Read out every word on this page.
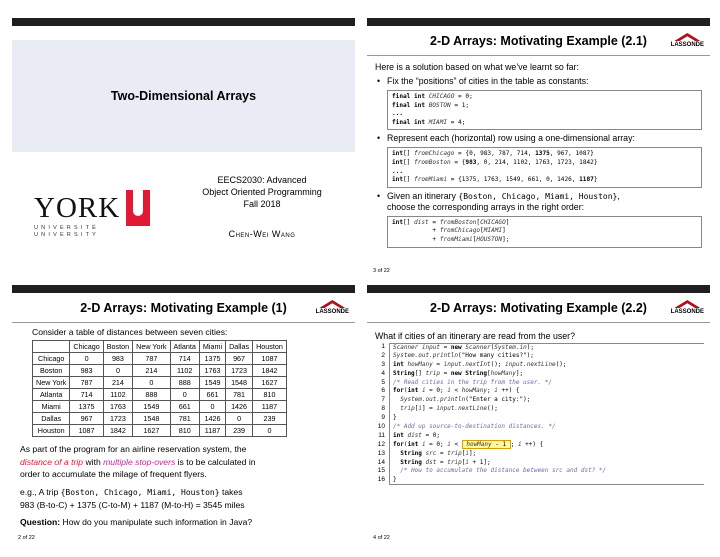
Two-Dimensional Arrays
YORK
UNIVERSITÉ
UNIVERSITY
EECS2030: Advanced
Object Oriented Programming
Fall 2018
Chen-Wei Wang
2-D Arrays: Motivating Example (2.1)	LASSONDE
Here is a solution based on what we’ve learnt so far:
• Fix the “positions” of cities in the table as constants:
final int CHICAGO = 0;
final int BOSTON = 1;
...
final int MIAMI = 4;
• Represent each (horizontal) row using a one-dimensional array:
int[] fromChicago = {0, 983, 787, 714, 1375, 967, 1087}
int[] fromBoston = {983, 0, 214, 1102, 1763, 1723, 1842}
...
int[] fromMiami = {1375, 1763, 1549, 661, 0, 1426, 1187}
• Given an itinerary {Boston, Chicago, Miami, Houston},
choose the corresponding arrays in the right order:
int[] dist = fromBoston[CHICAGO]
+ fromChicago[MIAMI]
+ fromMiami[HOUSTON];
3 of 22
2-D Arrays: Motivating Example (1)	LASSONDE
Consider a table of distances between seven cities:
	Chicago	Boston	New York	Atlanta	Miami	Dallas	Houston
Chicago	0	983	787	714	1375	967	1087
Boston	983	0	214	1102	1763	1723	1842
New York	787	214	0	888	1549	1548	1627
Atlanta	714	1102	888	0	661	781	810
Miami	1375	1763	1549	661	0	1426	1187
Dallas	967	1723	1548	781	1426	0	239
Houston	1087	1842	1627	810	1187	239	0
As part of the program for an airline reservation system, the
distance of a trip with multiple stop-overs is to be calculated in
order to accumulate the milage of frequent flyers.
e.g., A trip {Boston, Chicago, Miami, Houston} takes
983 (B-to-C) + 1375 (C-to-M) + 1187 (M-to-H) = 3545 miles
Question: How do you manipulate such information in Java?
2 of 22
2-D Arrays: Motivating Example (2.2)	LASSONDE
What if cities of an itinerary are read from the user?
1	Scanner input = new Scanner(System.in);
2	System.out.println("How many cities?");
3	int howMany = input.nextInt(); input.nextLine();
4	String[] trip = new String[howMany];
5	/* Read cities in the trip from the user. */
6	for(int i = 0; i < howMany; i ++) {
7	System.out.println("Enter a city:");
8	trip[i] = input.nextLine();
9	}
10	/* Add up source-to-destination distances. */
11	int dist = 0;
12	for(int i = 0; i <  howMany - 1 ; i ++) {
13	String src = trip[i];
14	String dst = trip[i + 1];
15	/* How to accumulate the distance between src and dst? */
16	}
4 of 22
